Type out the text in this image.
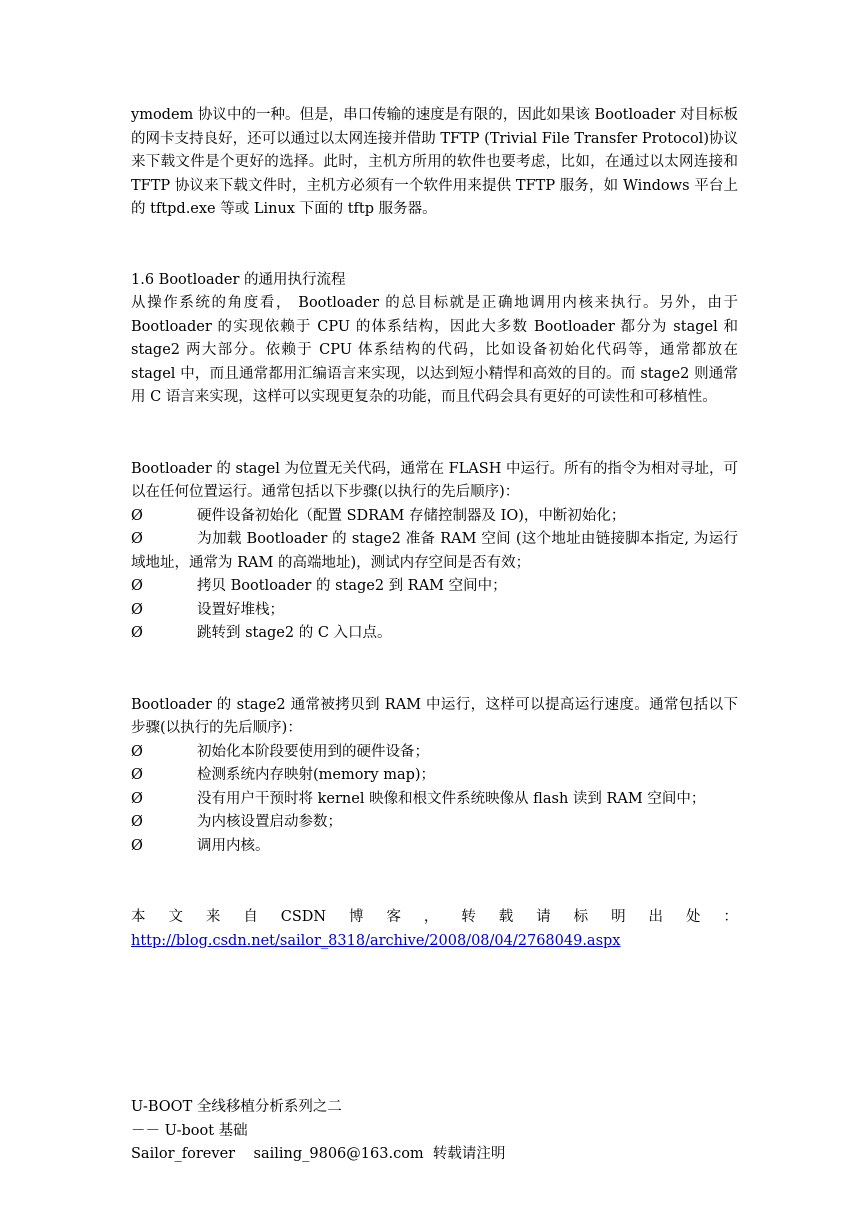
ymodem 协议中的一种。但是，串口传输的速度是有限的，因此如果该 Bootloader 对目标板的网卡支持良好，还可以通过以太网连接并借助 TFTP (Trivial File Transfer Protocol)协议来下载文件是个更好的选择。此时，主机方所用的软件也要考虑，比如，在通过以太网连接和 TFTP 协议来下载文件时，主机方必须有一个软件用来提供 TFTP 服务，如 Windows 平台上的 tftpd.exe 等或 Linux 下面的 tftp 服务器。

1.6 Bootloader 的通用执行流程

从操作系统的角度看， Bootloader 的总目标就是正确地调用内核来执行。另外，由于 Bootloader 的实现依赖于 CPU 的体系结构，因此大多数 Bootloader 都分为 stagel 和 stage2 两大部分。依赖于 CPU 体系结构的代码，比如设备初始化代码等，通常都放在 stagel 中，而且通常都用汇编语言来实现，以达到短小精悍和高效的目的。而 stage2 则通常用 C 语言来实现，这样可以实现更复杂的功能，而且代码会具有更好的可读性和可移植性。

Bootloader 的 stagel 为位置无关代码，通常在 FLASH 中运行。所有的指令为相对寻址，可以在任何位置运行。通常包括以下步骤(以执行的先后顺序)：

Ø	硬件设备初始化（配置 SDRAM 存储控制器及 IO)，中断初始化；
Ø	为加载 Bootloader 的 stage2 准备 RAM 空间 (这个地址由链接脚本指定, 为运行域地址，通常为 RAM 的高端地址)，测试内存空间是否有效；
Ø	拷贝 Bootloader 的 stage2 到 RAM 空间中；
Ø	设置好堆栈；
Ø	跳转到 stage2 的 C 入口点。

Bootloader 的 stage2 通常被拷贝到 RAM 中运行，这样可以提高运行速度。通常包括以下步骤(以执行的先后顺序)：

Ø	初始化本阶段要使用到的硬件设备；
Ø	检测系统内存映射(memory map)；
Ø	没有用户干预时将 kernel 映像和根文件系统映像从 flash 读到 RAM 空间中；
Ø	为内核设置启动参数；
Ø	调用内核。
本 文 来 自 CSDN 博 客 ， 转 载 请 标 明 出 处 ：

http://blog.csdn.net/sailor_8318/archive/2008/08/04/2768049.aspx

U-BOOT 全线移植分析系列之二

－－ U-boot 基础

Sailor_forever    sailing_9806@163.com  转载请注明
